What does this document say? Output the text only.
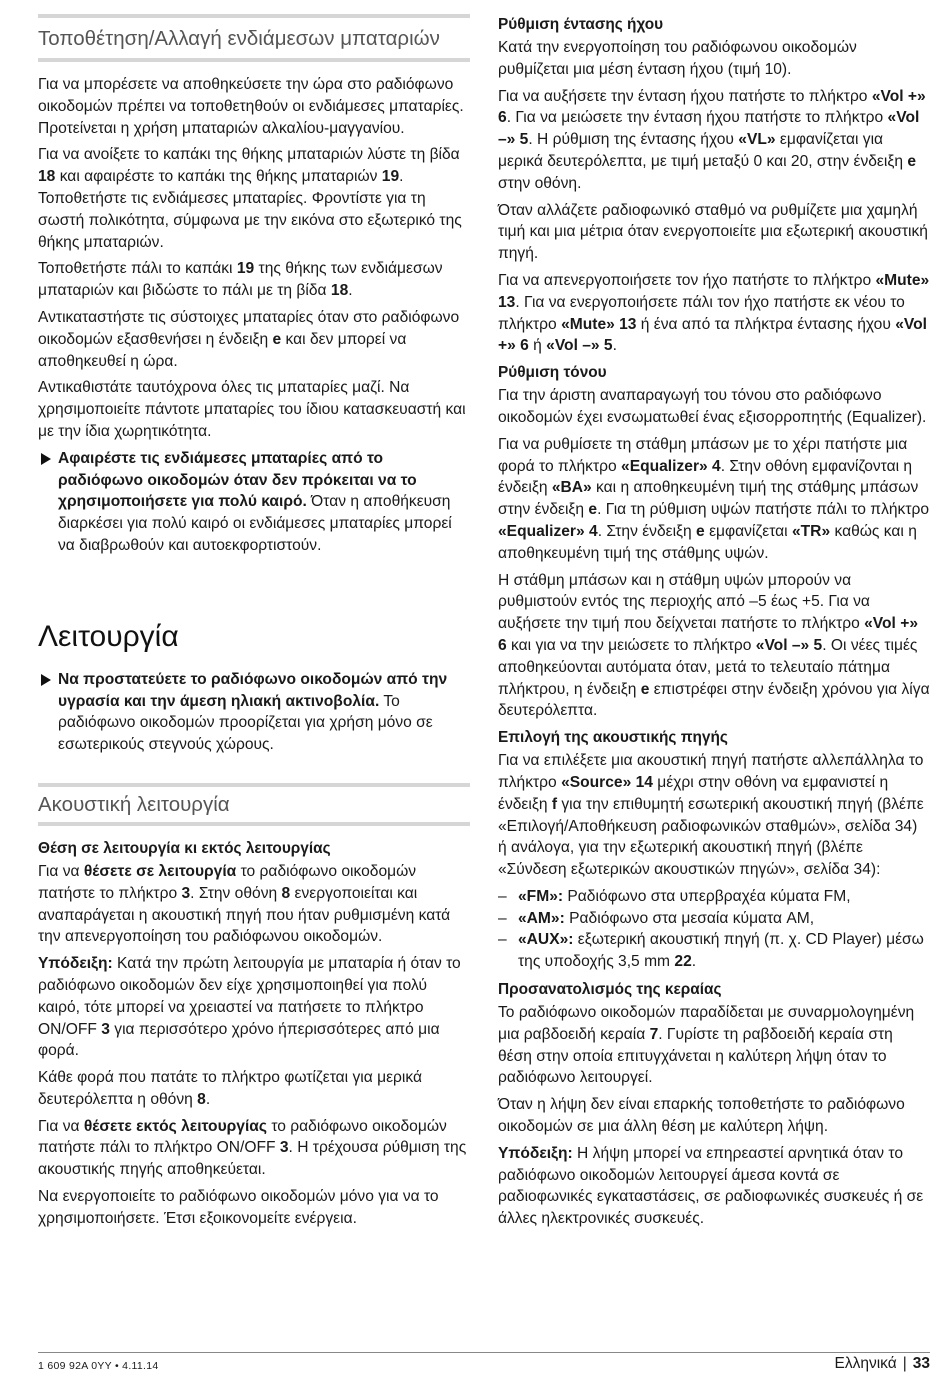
Τοποθέτηση/Αλλαγή ενδιάμεσων μπαταριών

Για να μπορέσετε να αποθηκεύσετε την ώρα στο ραδιόφωνο οικοδομών πρέπει να τοποθετηθούν οι ενδιάμεσες μπαταρίες. Προτείνεται η χρήση μπαταριών αλκαλίου-μαγγανίου.

Για να ανοίξετε το καπάκι της θήκης μπαταριών λύστε τη βίδα 18 και αφαιρέστε το καπάκι της θήκης μπαταριών 19. Τοποθετήστε τις ενδιάμεσες μπαταρίες. Φροντίστε για τη σωστή πολικότητα, σύμφωνα με την εικόνα στο εξωτερικό της θήκης μπαταριών.

Τοποθετήστε πάλι το καπάκι 19 της θήκης των ενδιάμεσων μπαταριών και βιδώστε το πάλι με τη βίδα 18.

Αντικαταστήστε τις σύστοιχες μπαταρίες όταν στο ραδιόφωνο οικοδομών εξασθενήσει η ένδειξη e και δεν μπορεί να αποθηκευθεί η ώρα.

Αντικαθιστάτε ταυτόχρονα όλες τις μπαταρίες μαζί. Να χρησιμοποιείτε πάντοτε μπαταρίες του ίδιου κατασκευαστή και με την ίδια χωρητικότητα.

Αφαιρέστε τις ενδιάμεσες μπαταρίες από το ραδιόφωνο οικοδομών όταν δεν πρόκειται να το χρησιμοποιήσετε για πολύ καιρό. Όταν η αποθήκευση διαρκέσει για πολύ καιρό οι ενδιάμεσες μπαταρίες μπορεί να διαβρωθούν και αυτοεκφορτιστούν.

Λειτουργία

Να προστατεύετε το ραδιόφωνο οικοδομών από την υγρασία και την άμεση ηλιακή ακτινοβολία. Το ραδιόφωνο οικοδομών προορίζεται για χρήση μόνο σε εσωτερικούς στεγνούς χώρους.

Ακουστική λειτουργία
Θέση σε λειτουργία κι εκτός λειτουργίας

Για να θέσετε σε λειτουργία το ραδιόφωνο οικοδομών πατήστε το πλήκτρο 3. Στην οθόνη 8 ενεργοποιείται και αναπαράγεται η ακουστική πηγή που ήταν ρυθμισμένη κατά την απενεργοποίηση του ραδιόφωνου οικοδομών.

Υπόδειξη: Κατά την πρώτη λειτουργία με μπαταρία ή όταν το ραδιόφωνο οικοδομών δεν είχε χρησιμοποιηθεί για πολύ καιρό, τότε μπορεί να χρειαστεί να πατήσετε το πλήκτρο ON/OFF 3 για περισσότερο χρόνο ήπερισσότερες από μια φορά.

Κάθε φορά που πατάτε το πλήκτρο φωτίζεται για μερικά δευτερόλεπτα η οθόνη 8.

Για να θέσετε εκτός λειτουργίας το ραδιόφωνο οικοδομών πατήστε πάλι το πλήκτρο ON/OFF 3. Η τρέχουσα ρύθμιση της ακουστικής πηγής αποθηκεύεται.

Να ενεργοποιείτε το ραδιόφωνο οικοδομών μόνο για να το χρησιμοποιήσετε. Έτσι εξοικονομείτε ενέργεια.

Ρύθμιση έντασης ήχου

Κατά την ενεργοποίηση του ραδιόφωνου οικοδομών ρυθμίζεται μια μέση ένταση ήχου (τιμή 10).

Για να αυξήσετε την ένταση ήχου πατήστε το πλήκτρο «Vol +» 6. Για να μειώσετε την ένταση ήχου πατήστε το πλήκτρο «Vol –» 5. Η ρύθμιση της έντασης ήχου «VL» εμφανίζεται για μερικά δευτερόλεπτα, με τιμή μεταξύ 0 και 20, στην ένδειξη e στην οθόνη.

Όταν αλλάζετε ραδιοφωνικό σταθμό να ρυθμίζετε μια χαμηλή τιμή και μια μέτρια όταν ενεργοποιείτε μια εξωτερική ακουστική πηγή.

Για να απενεργοποιήσετε τον ήχο πατήστε το πλήκτρο «Mute» 13. Για να ενεργοποιήσετε πάλι τον ήχο πατήστε εκ νέου το πλήκτρο «Mute» 13 ή ένα από τα πλήκτρα έντασης ήχου «Vol +» 6 ή «Vol –» 5.

Ρύθμιση τόνου

Για την άριστη αναπαραγωγή του τόνου στο ραδιόφωνο οικοδομών έχει ενσωματωθεί ένας εξισορροπητής (Equalizer).

Για να ρυθμίσετε τη στάθμη μπάσων με το χέρι πατήστε μια φορά το πλήκτρο «Equalizer» 4. Στην οθόνη εμφανίζονται η ένδειξη «BA» και η αποθηκευμένη τιμή της στάθμης μπάσων στην ένδειξη e. Για τη ρύθμιση υψών πατήστε πάλι το πλήκτρο «Equalizer» 4. Στην ένδειξη e εμφανίζεται «TR» καθώς και η αποθηκευμένη τιμή της στάθμης υψών.

Η στάθμη μπάσων και η στάθμη υψών μπορούν να ρυθμιστούν εντός της περιοχής από –5 έως +5. Για να αυξήσετε την τιμή που δείχνεται πατήστε το πλήκτρο «Vol +» 6 και για να την μειώσετε το πλήκτρο «Vol –» 5. Οι νέες τιμές αποθηκεύονται αυτόματα όταν, μετά το τελευταίο πάτημα πλήκτρου, η ένδειξη e επιστρέφει στην ένδειξη χρόνου για λίγα δευτερόλεπτα.

Επιλογή της ακουστικής πηγής

Για να επιλέξετε μια ακουστική πηγή πατήστε αλλεπάλληλα το πλήκτρο «Source» 14 μέχρι στην οθόνη να εμφανιστεί η ένδειξη f για την επιθυμητή εσωτερική ακουστική πηγή (βλέπε «Επιλογή/Αποθήκευση ραδιοφωνικών σταθμών», σελίδα 34) ή ανάλογα, για την εξωτερική ακουστική πηγή (βλέπε «Σύνδεση εξωτερικών ακουστικών πηγών», σελίδα 34):

– «FM»: Ραδιόφωνο στα υπερβραχέα κύματα FM,
– «AM»: Ραδιόφωνο στα μεσαία κύματα AM,
– «AUX»: εξωτερική ακουστική πηγή (π. χ. CD Player) μέσω της υποδοχής 3,5 mm 22.
Προσανατολισμός της κεραίας

Το ραδιόφωνο οικοδομών παραδίδεται με συναρμολογημένη μια ραβδοειδή κεραία 7. Γυρίστε τη ραβδοειδή κεραία στη θέση στην οποία επιτυγχάνεται η καλύτερη λήψη όταν το ραδιόφωνο λειτουργεί.

Όταν η λήψη δεν είναι επαρκής τοποθετήστε το ραδιόφωνο οικοδομών σε μια άλλη θέση με καλύτερη λήψη.

Υπόδειξη: Η λήψη μπορεί να επηρεαστεί αρνητικά όταν το ραδιόφωνο οικοδομών λειτουργεί άμεσα κοντά σε ραδιοφωνικές εγκαταστάσεις, σε ραδιοφωνικές συσκευές ή σε άλλες ηλεκτρονικές συσκευές.

1 609 92A 0YY • 4.11.14	Ελληνικά | 33
